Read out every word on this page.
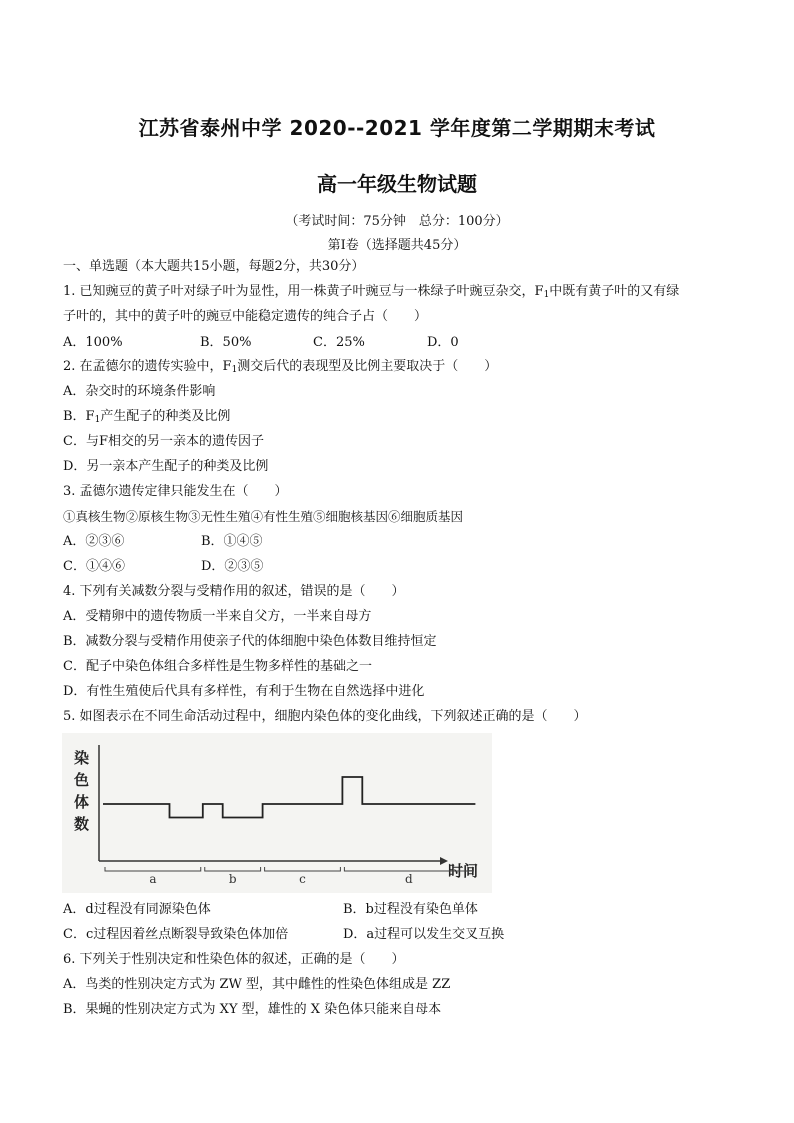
江苏省泰州中学 2020--2021 学年度第二学期期末考试
高一年级生物试题
（考试时间：75分钟　总分：100分）
第Ⅰ卷（选择题共45分）
一、单选题（本大题共15小题，每题2分，共30分）
1. 已知豌豆的黄子叶对绿子叶为显性，用一株黄子叶豌豆与一株绿子叶豌豆杂交，$F_1$中既有黄子叶的又有绿
子叶的，其中的黄子叶的豌豆中能稳定遗传的纯合子占（　　）
A．100%	B．50%	C．25%	D．0
2. 在孟德尔的遗传实验中，$F_1$测交后代的表现型及比例主要取决于（　　）
A．杂交时的环境条件影响
B．$F_1$产生配子的种类及比例
C．与F相交的另一亲本的遗传因子
D．另一亲本产生配子的种类及比例
3. 孟德尔遗传定律只能发生在（　　）
①真核生物②原核生物③无性生殖④有性生殖⑤细胞核基因⑥细胞质基因
A．②③⑥	B．①④⑤
C．①④⑥	D．②③⑤
4. 下列有关减数分裂与受精作用的叙述，错误的是（　　）
A．受精卵中的遗传物质一半来自父方，一半来自母方
B．减数分裂与受精作用使亲子代的体细胞中染色体数目维持恒定
C．配子中染色体组合多样性是生物多样性的基础之一
D．有性生殖使后代具有多样性，有利于生物在自然选择中进化
5. 如图表示在不同生命活动过程中，细胞内染色体的变化曲线，下列叙述正确的是（　　）
染
色
体
数
时间
a	b	c	d
A．d过程没有同源染色体	B．b过程没有染色单体
C．c过程因着丝点断裂导致染色体加倍	D．a过程可以发生交叉互换
6. 下列关于性别决定和性染色体的叙述，正确的是（　　）
A．鸟类的性别决定方式为 ZW 型，其中雌性的性染色体组成是 ZZ
B．果蝇的性别决定方式为 XY 型，雄性的 X 染色体只能来自母本
